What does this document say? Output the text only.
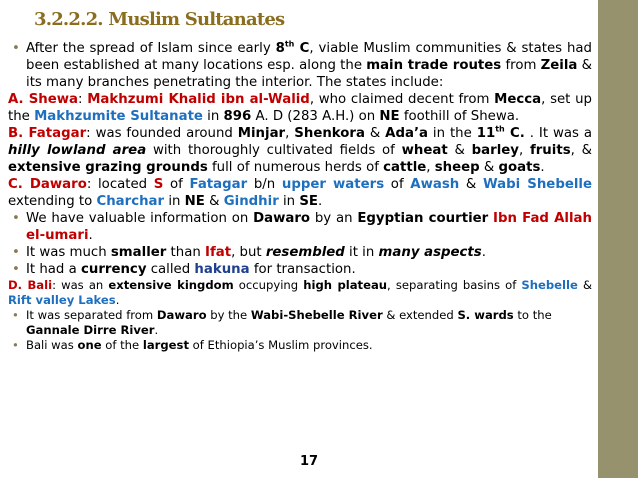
3.2.2.2. Muslim Sultanates

• After the spread of Islam since early 8th C, viable Muslim communities & states had been established at many locations esp. along the main trade routes from Zeila & its many branches penetrating the interior. The states include:

A. Shewa: Makhzumi Khalid ibn al-Walid, who claimed decent from Mecca, set up the Makhzumite Sultanate in 896 A. D (283 A.H.) on NE foothill of Shewa.

B. Fatagar: was founded around Minjar, Shenkora & Ada’a in the 11th C. . It was a hilly lowland area with thoroughly cultivated fields of wheat & barley, fruits, & extensive grazing grounds full of numerous herds of cattle, sheep & goats.

C. Dawaro: located S of Fatagar b/n upper waters of Awash & Wabi Shebelle extending to Charchar in NE & Gindhir in SE.

• We have valuable information on Dawaro by an Egyptian courtier Ibn Fad Allah el-umari.

• It was much smaller than Ifat, but resembled it in many aspects.

• It had a currency called hakuna for transaction.

D. Bali: was an extensive kingdom occupying high plateau, separating basins of Shebelle & Rift valley Lakes.

• It was separated from Dawaro by the Wabi-Shebelle River & extended S. wards to the Gannale Dirre River.

• Bali was one of the largest of Ethiopia’s Muslim provinces.

17
